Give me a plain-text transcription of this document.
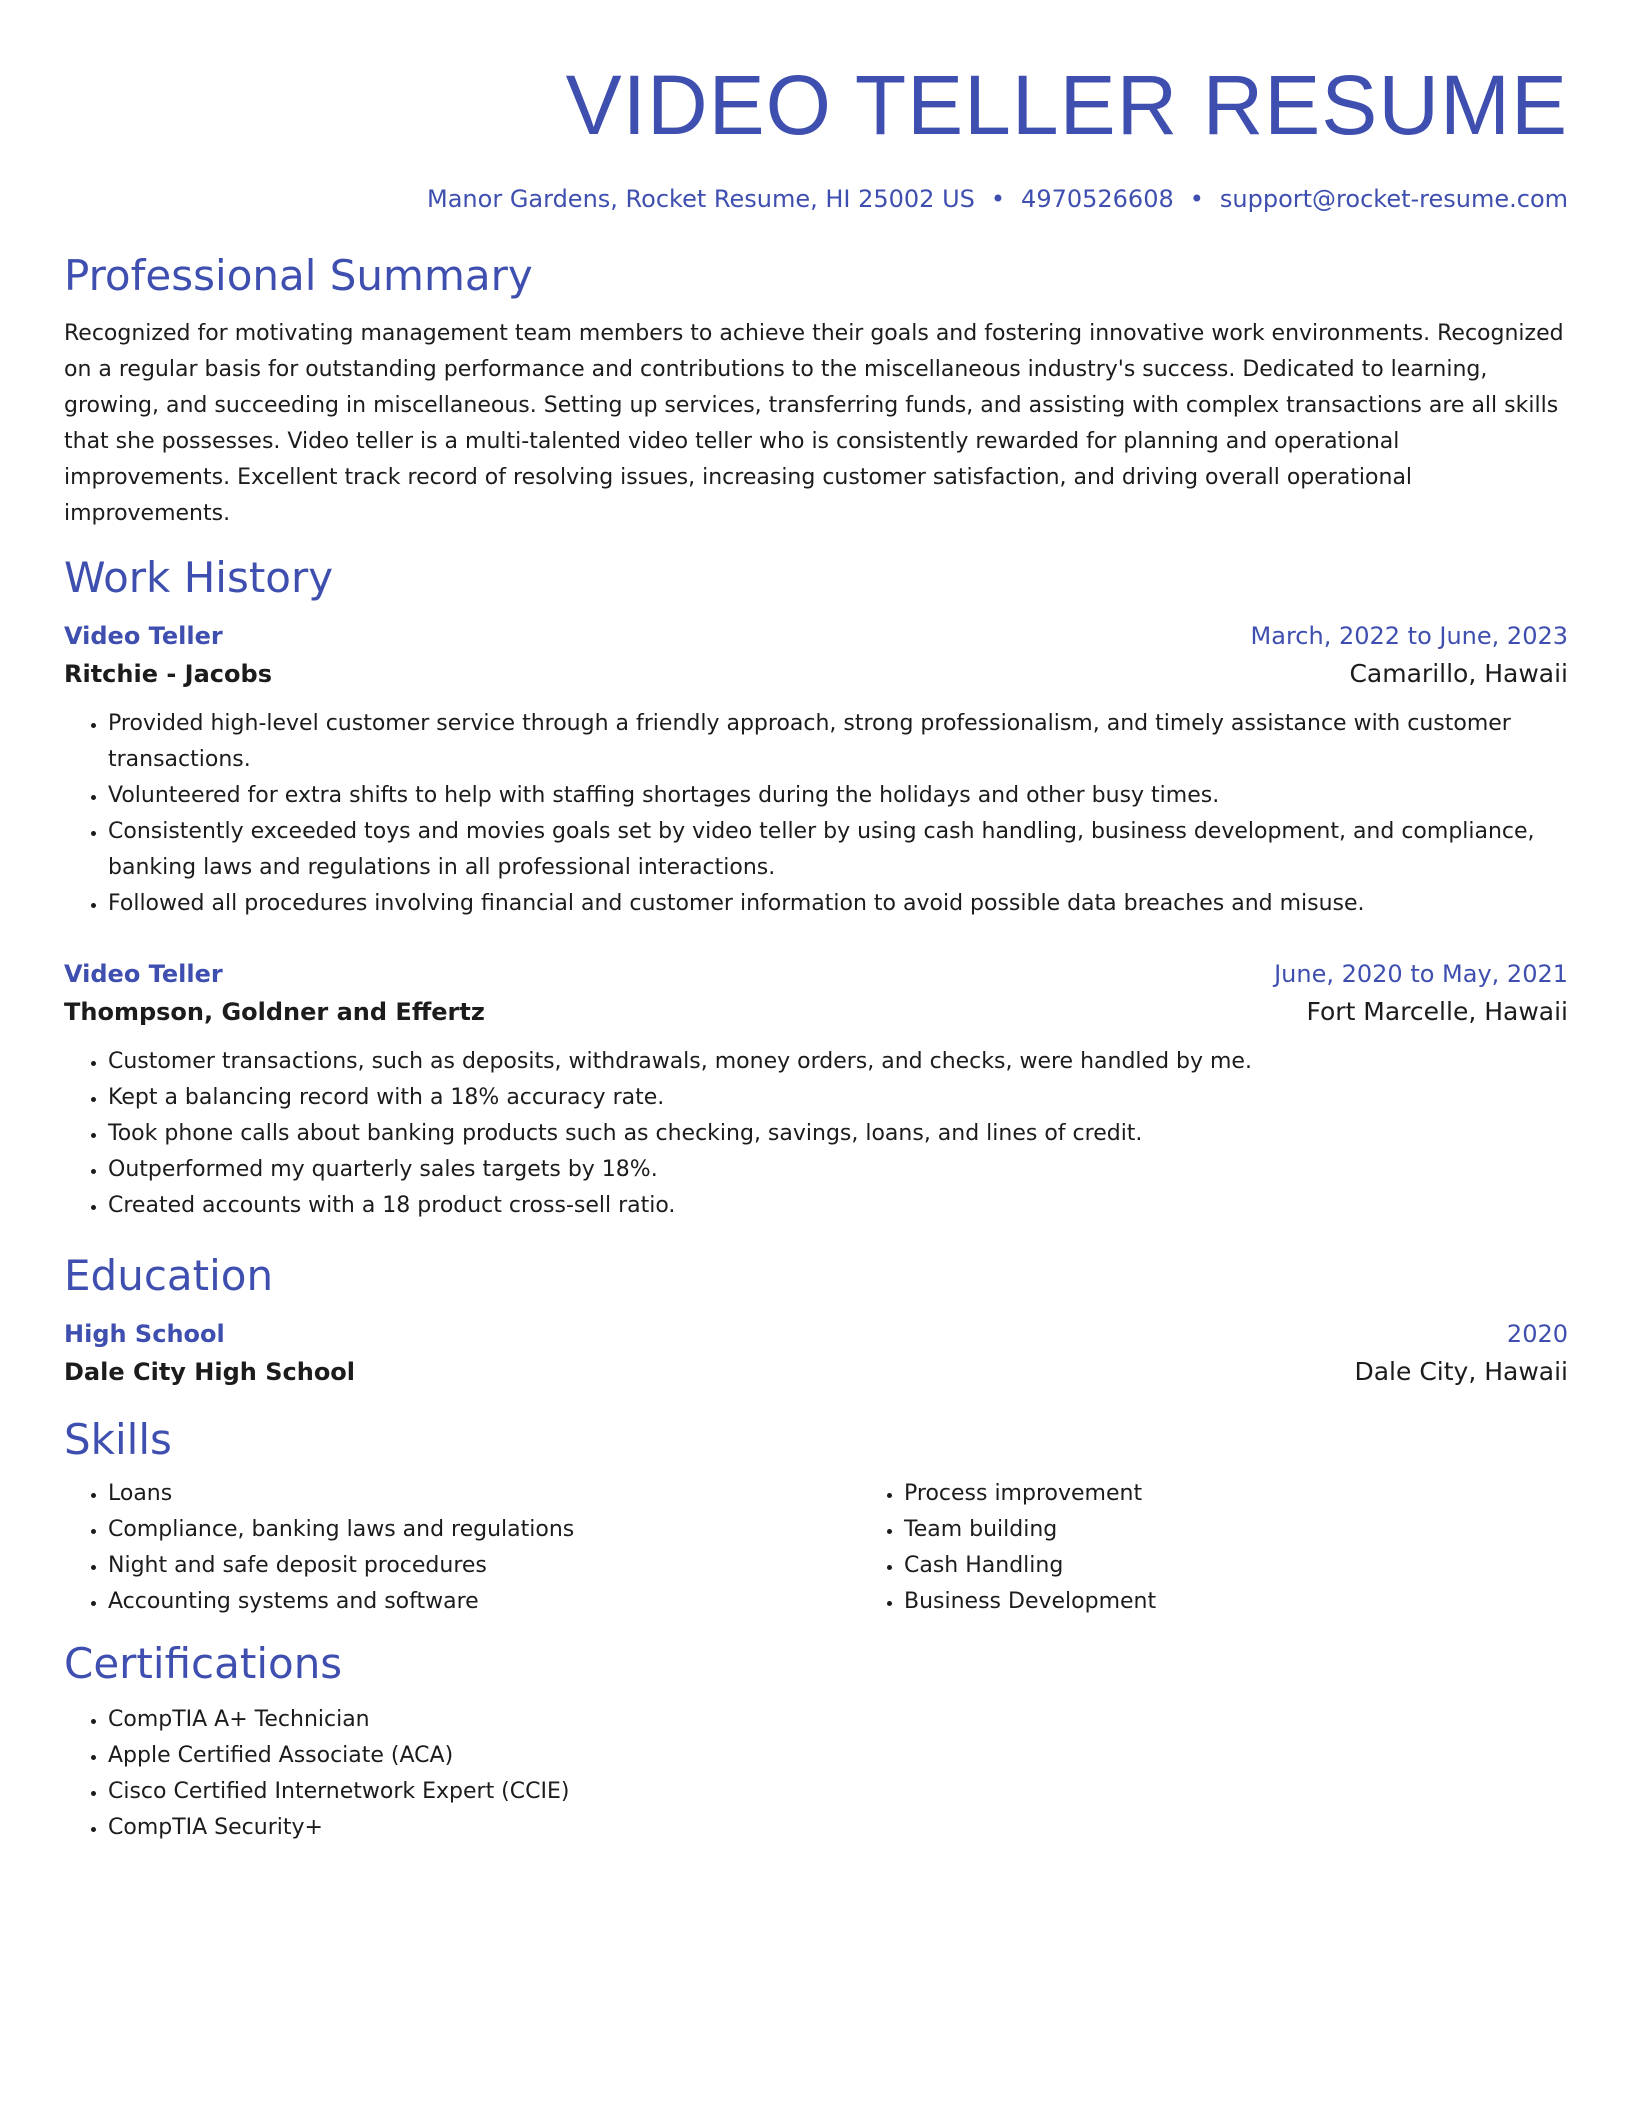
VIDEO TELLER RESUME
Manor Gardens, Rocket Resume, HI 25002 US • 4970526608 • support@rocket-resume.com
Professional Summary
Recognized for motivating management team members to achieve their goals and fostering innovative work environments. Recognized on a regular basis for outstanding performance and contributions to the miscellaneous industry's success. Dedicated to learning, growing, and succeeding in miscellaneous. Setting up services, transferring funds, and assisting with complex transactions are all skills that she possesses. Video teller is a multi-talented video teller who is consistently rewarded for planning and operational improvements. Excellent track record of resolving issues, increasing customer satisfaction, and driving overall operational improvements.
Work History
Video Teller	March, 2022 to June, 2023
Ritchie - Jacobs	Camarillo, Hawaii
• Provided high-level customer service through a friendly approach, strong professionalism, and timely assistance with customer transactions.
• Volunteered for extra shifts to help with staffing shortages during the holidays and other busy times.
• Consistently exceeded toys and movies goals set by video teller by using cash handling, business development, and compliance, banking laws and regulations in all professional interactions.
• Followed all procedures involving financial and customer information to avoid possible data breaches and misuse.
Video Teller	June, 2020 to May, 2021
Thompson, Goldner and Effertz	Fort Marcelle, Hawaii
• Customer transactions, such as deposits, withdrawals, money orders, and checks, were handled by me.
• Kept a balancing record with a 18% accuracy rate.
• Took phone calls about banking products such as checking, savings, loans, and lines of credit.
• Outperformed my quarterly sales targets by 18%.
• Created accounts with a 18 product cross-sell ratio.
Education
High School	2020
Dale City High School	Dale City, Hawaii
Skills
• Loans
• Compliance, banking laws and regulations
• Night and safe deposit procedures
• Accounting systems and software
• Process improvement
• Team building
• Cash Handling
• Business Development
Certifications
• CompTIA A+ Technician
• Apple Certified Associate (ACA)
• Cisco Certified Internetwork Expert (CCIE)
• CompTIA Security+
